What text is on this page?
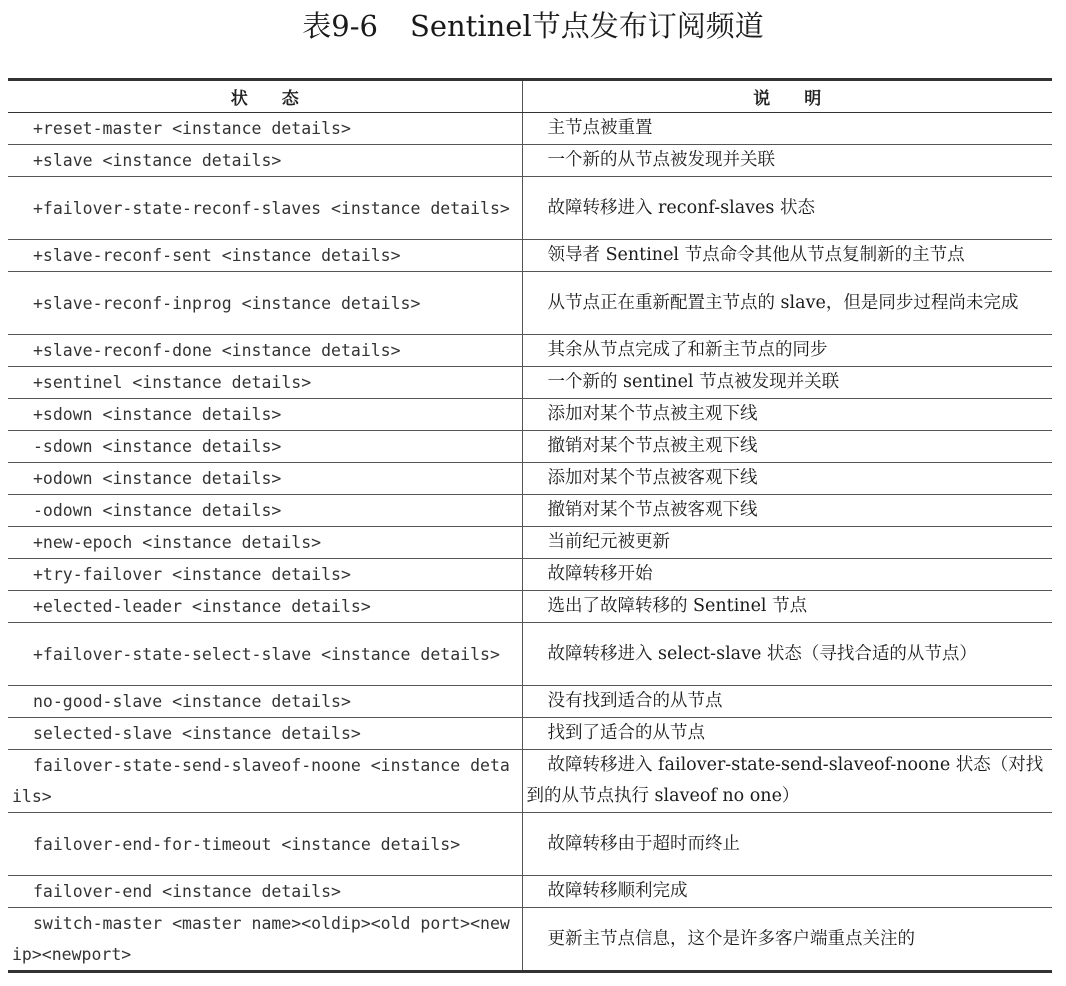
表9-6 Sentinel节点发布订阅频道
状　　态	说　　明
+reset-master <instance details>	主节点被重置
+slave <instance details>	一个新的从节点被发现并关联
+failover-state-reconf-slaves <instance details>	故障转移进入 reconf-slaves 状态
+slave-reconf-sent <instance details>	领导者 Sentinel 节点命令其他从节点复制新的主节点
+slave-reconf-inprog <instance details>	从节点正在重新配置主节点的 slave，但是同步过程尚未完成
+slave-reconf-done <instance details>	其余从节点完成了和新主节点的同步
+sentinel <instance details>	一个新的 sentinel 节点被发现并关联
+sdown <instance details>	添加对某个节点被主观下线
-sdown <instance details>	撤销对某个节点被主观下线
+odown <instance details>	添加对某个节点被客观下线
-odown <instance details>	撤销对某个节点被客观下线
+new-epoch <instance details>	当前纪元被更新
+try-failover <instance details>	故障转移开始
+elected-leader <instance details>	选出了故障转移的 Sentinel 节点
+failover-state-select-slave <instance details>	故障转移进入 select-slave 状态（寻找合适的从节点）
no-good-slave <instance details>	没有找到适合的从节点
selected-slave <instance details>	找到了适合的从节点
failover-state-send-slaveof-noone <instance details>	故障转移进入 failover-state-send-slaveof-noone 状态（对找到的从节点执行 slaveof no one）
failover-end-for-timeout <instance details>	故障转移由于超时而终止
failover-end <instance details>	故障转移顺利完成
switch-master <master name><oldip><old port><newip><newport>	更新主节点信息，这个是许多客户端重点关注的
